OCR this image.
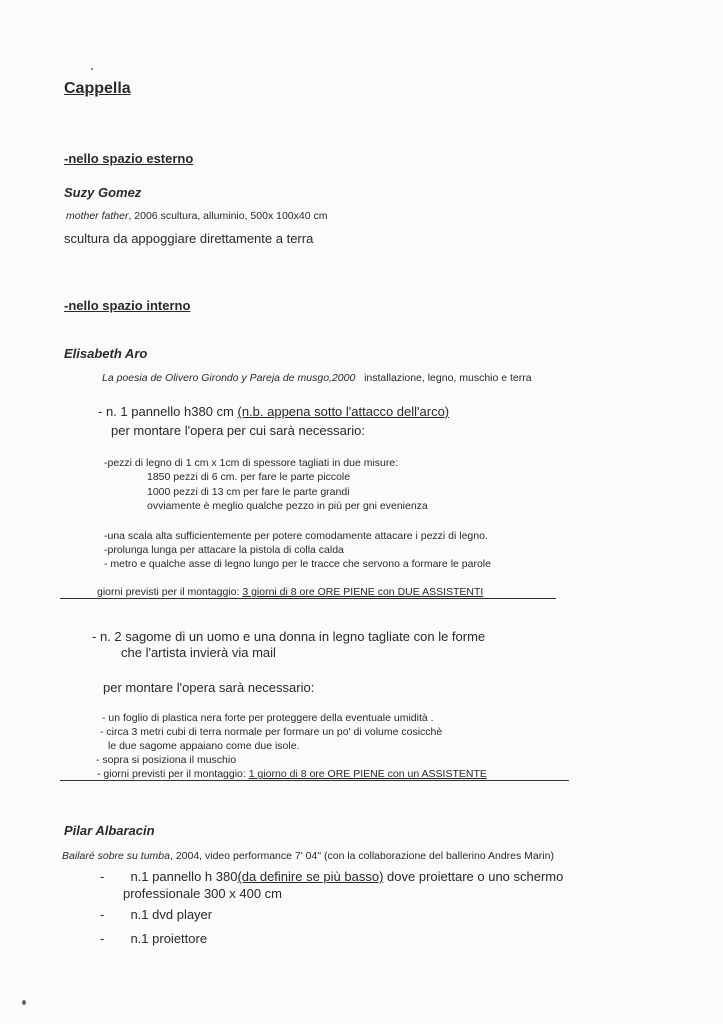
Cappella
-nello spazio esterno
Suzy Gomez
mother father, 2006 scultura, alluminio, 500x 100x40 cm
scultura da appoggiare direttamente a terra
-nello spazio interno
Elisabeth Aro
La poesia de Olivero Girondo y Pareja de musgo,2000 installazione, legno, muschio e terra
- n. 1 pannello h380 cm (n.b. appena sotto l'attacco dell'arco)
per montare l'opera per cui sarà necessario:
-pezzi di legno di 1 cm x 1cm di spessore tagliati in due misure:
1850 pezzi di 6 cm. per fare le parte piccole
1000 pezzi di 13 cm per fare le parte grandi
ovviamente è meglio qualche pezzo in più per gni evenienza
-una scala alta sufficientemente per potere comodamente attacare i pezzi di legno.
-prolunga lunga per attacare la pistola di colla calda
- metro e qualche asse di legno lungo per le tracce che servono a formare le parole
giorni previsti per il montaggio: 3 giorni di 8 ore ORE PIENE con DUE ASSISTENTI
- n. 2 sagome di un uomo e una donna in legno tagliate con le forme
che l'artista invierà via mail
per montare l'opera sarà necessario:
- un foglio di plastica nera forte per proteggere della eventuale umidità .
- circa 3 metri cubi di terra normale per formare un po' di volume cosicchè
le due sagome appaiano come due isole.
- sopra si posiziona il muschio
- giorni previsti per il montaggio: 1 giorno di 8 ore ORE PIENE con un ASSISTENTE
Pilar Albaracin
Bailaré sobre su tumba, 2004, video performance 7' 04" (con la collaborazione del ballerino Andres Marin)
- n.1 pannello h 380(da definire se più basso) dove proiettare o uno schermo
professionale 300 x 400 cm
- n.1 dvd player
- n.1 proiettore
